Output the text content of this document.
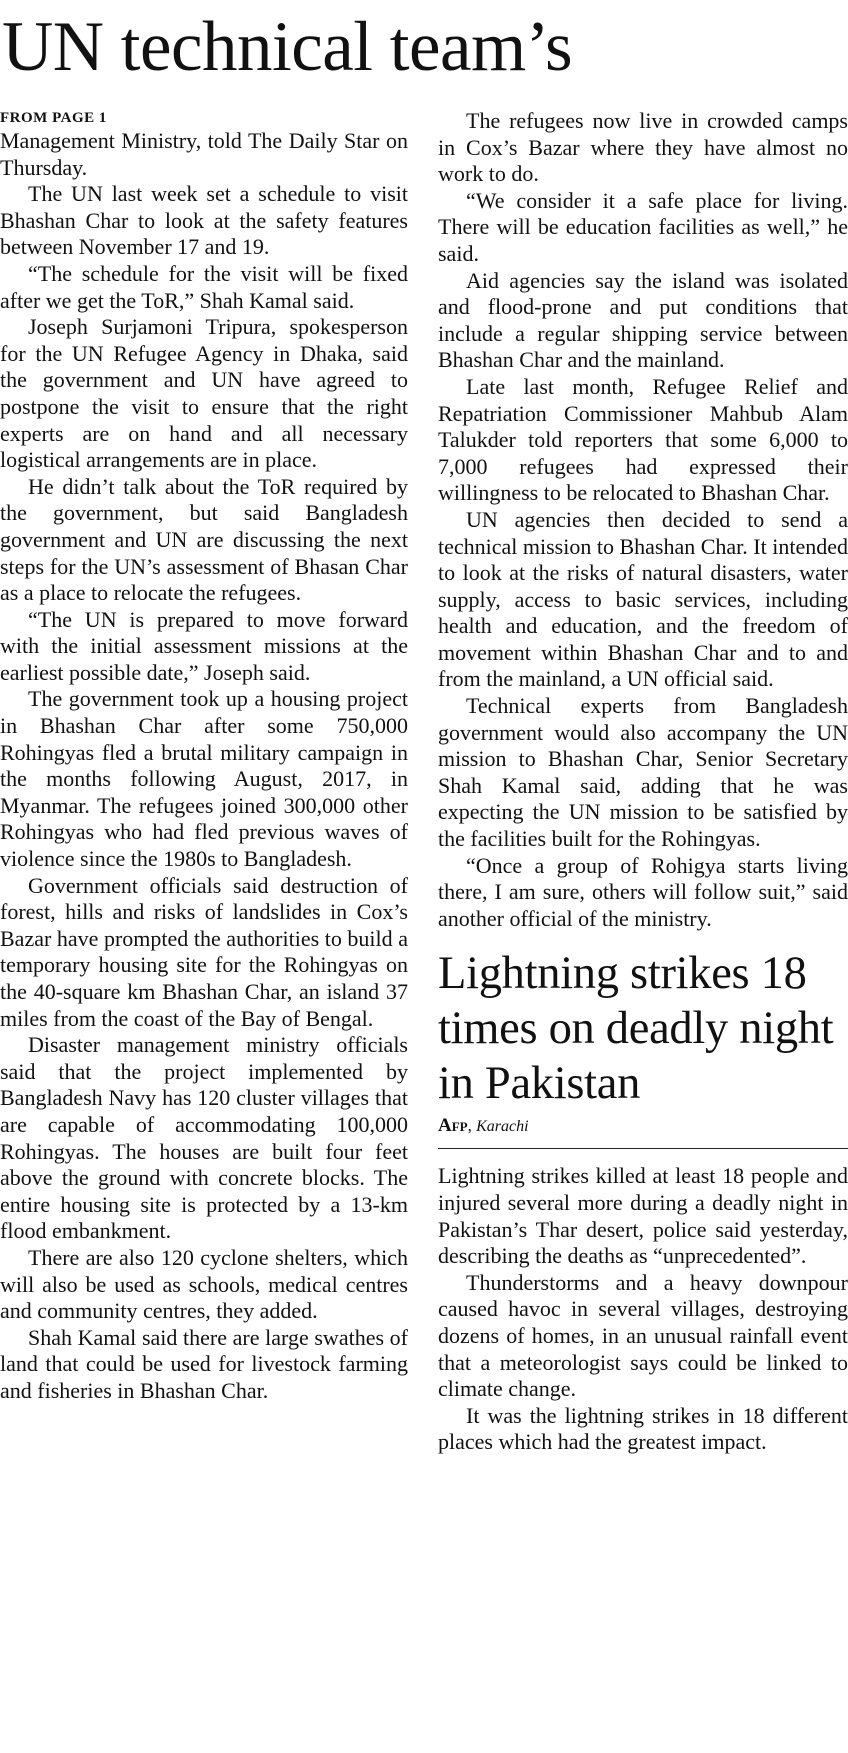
UN technical team’s
FROM PAGE 1

Management Ministry, told The Daily Star on Thursday.

The UN last week set a schedule to visit Bhashan Char to look at the safety features between November 17 and 19.

“The schedule for the visit will be fixed after we get the ToR,” Shah Kamal said.

Joseph Surjamoni Tripura, spokesperson for the UN Refugee Agency in Dhaka, said the government and UN have agreed to postpone the visit to ensure that the right experts are on hand and all necessary logistical arrangements are in place.

He didn’t talk about the ToR required by the government, but said Bangladesh government and UN are discussing the next steps for the UN’s assessment of Bhasan Char as a place to relocate the refugees.

“The UN is prepared to move forward with the initial assessment missions at the earliest possible date,” Joseph said.

The government took up a housing project in Bhashan Char after some 750,000 Rohingyas fled a brutal military campaign in the months following August, 2017, in Myanmar. The refugees joined 300,000 other Rohingyas who had fled previous waves of violence since the 1980s to Bangladesh.

Government officials said destruction of forest, hills and risks of landslides in Cox’s Bazar have prompted the authorities to build a temporary housing site for the Rohingyas on the 40-square km Bhashan Char, an island 37 miles from the coast of the Bay of Bengal.

Disaster management ministry officials said that the project implemented by Bangladesh Navy has 120 cluster villages that are capable of accommodating 100,000 Rohingyas. The houses are built four feet above the ground with concrete blocks. The entire housing site is protected by a 13-km flood embankment.

There are also 120 cyclone shelters, which will also be used as schools, medical centres and community centres, they added.

Shah Kamal said there are large swathes of land that could be used for livestock farming and fisheries in Bhashan Char.

The refugees now live in crowded camps in Cox’s Bazar where they have almost no work to do.

“We consider it a safe place for living. There will be education facilities as well,” he said.

Aid agencies say the island was isolated and flood-prone and put conditions that include a regular shipping service between Bhashan Char and the mainland.

Late last month, Refugee Relief and Repatriation Commissioner Mahbub Alam Talukder told reporters that some 6,000 to 7,000 refugees had expressed their willingness to be relocated to Bhashan Char.

UN agencies then decided to send a technical mission to Bhashan Char. It intended to look at the risks of natural disasters, water supply, access to basic services, including health and education, and the freedom of movement within Bhashan Char and to and from the mainland, a UN official said.

Technical experts from Bangladesh government would also accompany the UN mission to Bhashan Char, Senior Secretary Shah Kamal said, adding that he was expecting the UN mission to be satisfied by the facilities built for the Rohingyas.

“Once a group of Rohigya starts living there, I am sure, others will follow suit,” said another official of the ministry.

Lightning strikes 18 times on deadly night in Pakistan
Afp, Karachi

Lightning strikes killed at least 18 people and injured several more during a deadly night in Pakistan’s Thar desert, police said yesterday, describing the deaths as “unprecedented”.

Thunderstorms and a heavy downpour caused havoc in several villages, destroying dozens of homes, in an unusual rainfall event that a meteorologist says could be linked to climate change.

It was the lightning strikes in 18 different places which had the greatest impact.
